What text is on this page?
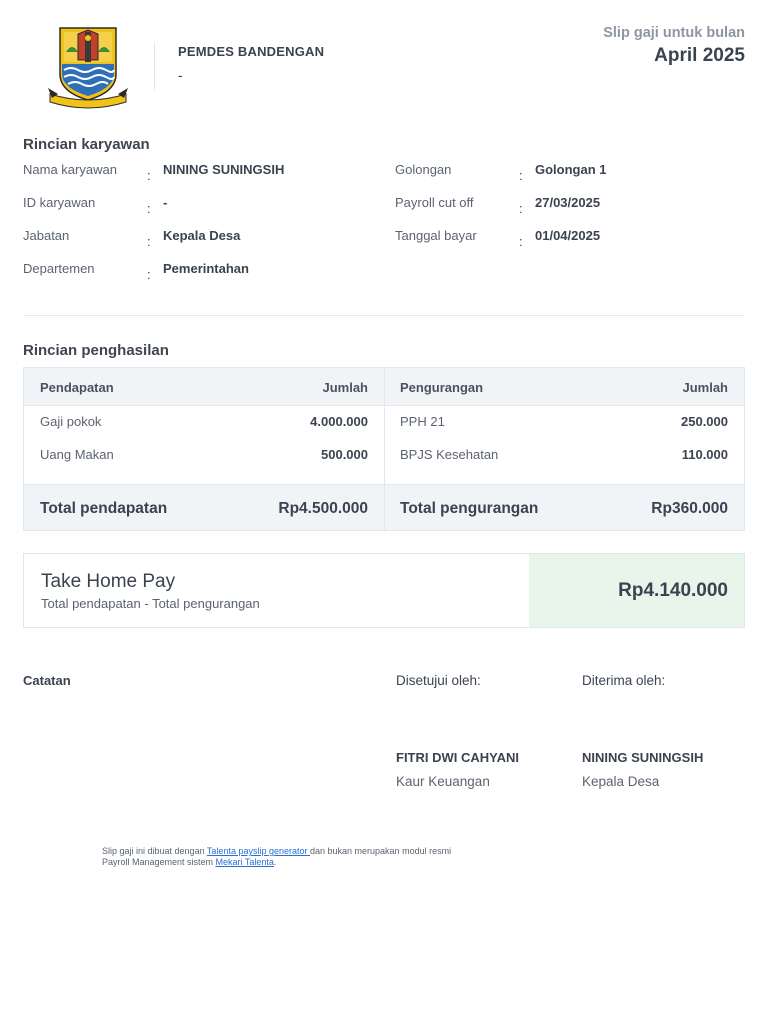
PEMDES BANDENGAN
-
Slip gaji untuk bulan
April 2025
Rincian karyawan
Nama karyawan : NINING SUNINGSIH
ID karyawan	: -
Jabatan	: Kepala Desa
Departemen	: Pemerintahan
Golongan	: Golongan 1
Payroll cut off	: 27/03/2025
Tanggal bayar	: 01/04/2025
Rincian penghasilan
Pendapatan	Jumlah
Gaji pokok	4.000.000
Uang Makan	500.000
Total pendapatan	Rp4.500.000
Pengurangan	Jumlah
PPH 21	250.000
BPJS Kesehatan	110.000
Total pengurangan	Rp360.000
Take Home Pay
Total pendapatan - Total pengurangan
Rp4.140.000
Catatan	Disetujui oleh:	Diterima oleh:
FITRI DWI CAHYANI	NINING SUNINGSIH
Kaur Keuangan	Kepala Desa
Slip gaji ini dibuat dengan Talenta payslip generator dan bukan merupakan modul resmi Payroll Management sistem Mekari Talenta.
